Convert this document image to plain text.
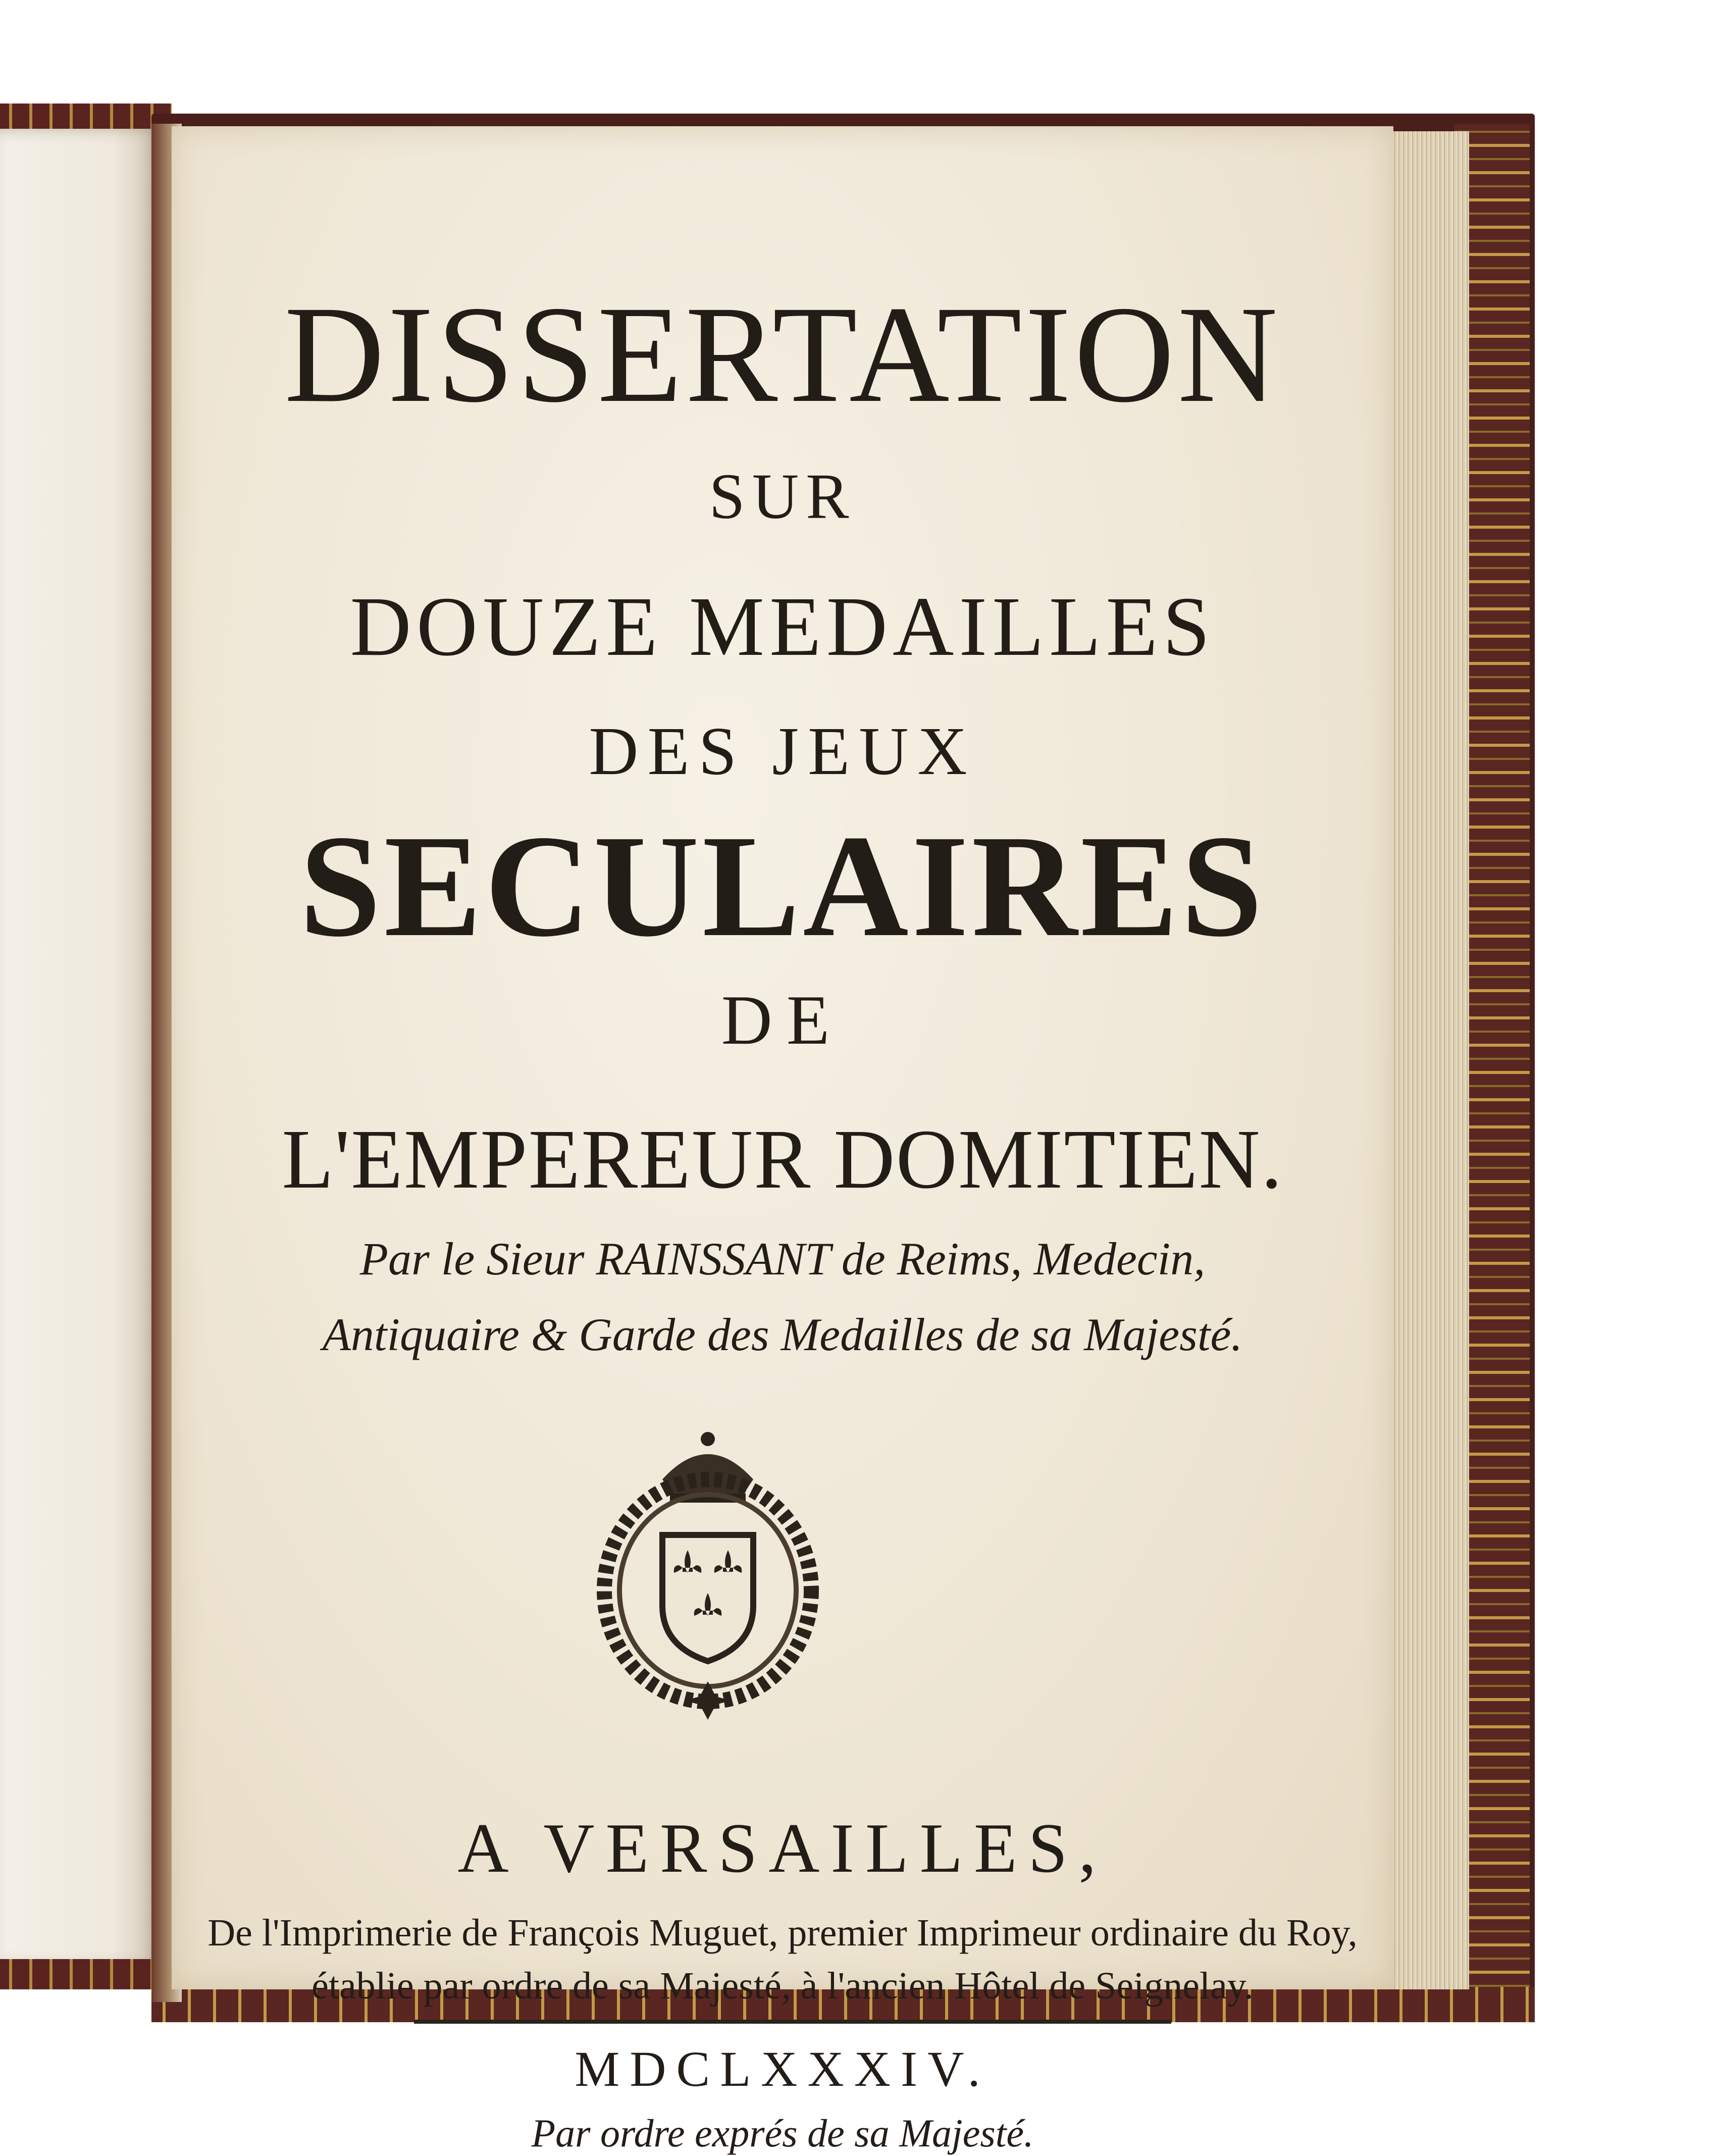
DISSERTATION
SUR
DOUZE MEDAILLES
DES JEUX
SECULAIRES
DE
L'EMPEREUR DOMITIEN.
Par le Sieur RAINSSANT de Reims, Medecin,
Antiquaire & Garde des Medailles de sa Majesté.
A VERSAILLES,
De l'Imprimerie de François Muguet, premier Imprimeur ordinaire du Roy,
établie par ordre de sa Majesté, à l'ancien Hôtel de Seignelay.
MDCLXXXIV.
Par ordre exprés de sa Majesté.
